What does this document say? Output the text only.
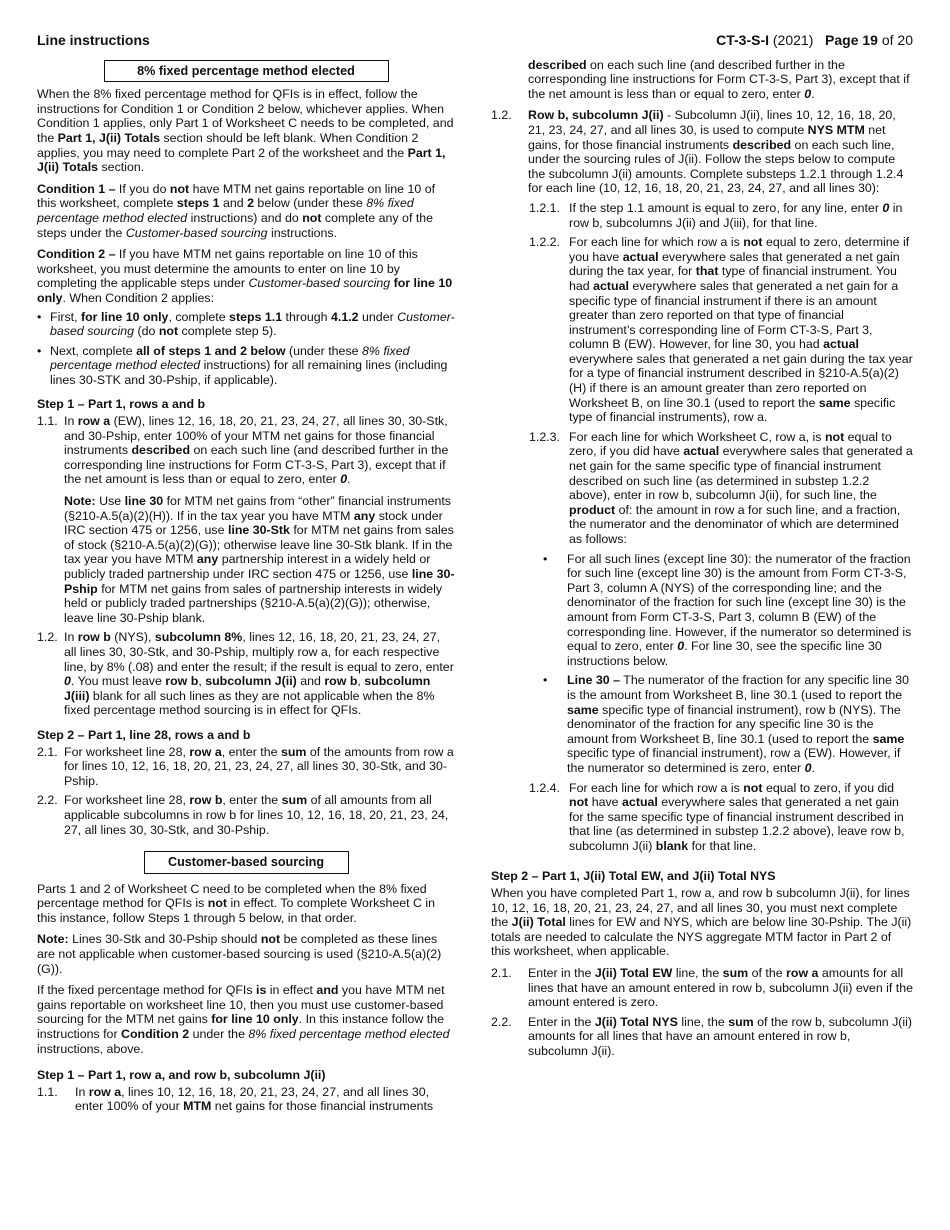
Line instructions	CT-3-S-I (2021) Page 19 of 20
8% fixed percentage method elected

When the 8% fixed percentage method for QFIs is in effect, follow the instructions for Condition 1 or Condition 2 below, whichever applies. When Condition 1 applies, only Part 1 of Worksheet C needs to be completed, and the Part 1, J(ii) Totals section should be left blank. When Condition 2 applies, you may need to complete Part 2 of the worksheet and the Part 1, J(ii) Totals section.

Condition 1 – If you do not have MTM net gains reportable on line 10 of this worksheet, complete steps 1 and 2 below (under these 8% fixed percentage method elected instructions) and do not complete any of the steps under the Customer-based sourcing instructions.

Condition 2 – If you have MTM net gains reportable on line 10 of this worksheet, you must determine the amounts to enter on line 10 by completing the applicable steps under Customer-based sourcing for line 10 only. When Condition 2 applies:

• First, for line 10 only, complete steps 1.1 through 4.1.2 under Customer-based sourcing (do not complete step 5).
• Next, complete all of steps 1 and 2 below (under these 8% fixed percentage method elected instructions) for all remaining lines (including lines 30-STK and 30-Pship, if applicable).
Step 1 – Part 1, rows a and b
1.1. In row a (EW), lines 12, 16, 18, 20, 21, 23, 24, 27, all lines 30, 30-Stk, and 30-Pship, enter 100% of your MTM net gains for those financial instruments described on each such line (and described further in the corresponding line instructions for Form CT-3-S, Part 3), except that if the net amount is less than or equal to zero, enter 0.
Note: Use line 30 for MTM net gains from “other” financial instruments (§210-A.5(a)(2)(H)). If in the tax year you have MTM any stock under IRC section 475 or 1256, use line 30-Stk for MTM net gains from sales of stock (§210-A.5(a)(2)(G)); otherwise leave line 30-Stk blank. If in the tax year you have MTM any partnership interest in a widely held or publicly traded partnership under IRC section 475 or 1256, use line 30-Pship for MTM net gains from sales of partnership interests in widely held or publicly traded partnerships (§210-A.5(a)(2)(G)); otherwise, leave line 30-Pship blank.
1.2. In row b (NYS), subcolumn 8%, lines 12, 16, 18, 20, 21, 23, 24, 27, all lines 30, 30-Stk, and 30-Pship, multiply row a, for each respective line, by 8% (.08) and enter the result; if the result is equal to zero, enter 0. You must leave row b, subcolumn J(ii) and row b, subcolumn J(iii) blank for all such lines as they are not applicable when the 8% fixed percentage method sourcing is in effect for QFIs.
Step 2 – Part 1, line 28, rows a and b
2.1. For worksheet line 28, row a, enter the sum of the amounts from row a for lines 10, 12, 16, 18, 20, 21, 23, 24, 27, all lines 30, 30-Stk, and 30-Pship.
2.2. For worksheet line 28, row b, enter the sum of all amounts from all applicable subcolumns in row b for lines 10, 12, 16, 18, 20, 21, 23, 24, 27, all lines 30, 30-Stk, and 30-Pship.
Customer-based sourcing

Parts 1 and 2 of Worksheet C need to be completed when the 8% fixed percentage method for QFIs is not in effect. To complete Worksheet C in this instance, follow Steps 1 through 5 below, in that order.

Note: Lines 30-Stk and 30-Pship should not be completed as these lines are not applicable when customer-based sourcing is used (§210-A.5(a)(2)(G)).

If the fixed percentage method for QFIs is in effect and you have MTM net gains reportable on worksheet line 10, then you must use customer-based sourcing for the MTM net gains for line 10 only. In this instance follow the instructions for Condition 2 under the 8% fixed percentage method elected instructions, above.

Step 1 – Part 1, row a, and row b, subcolumn J(ii)
1.1.	In row a, lines 10, 12, 16, 18, 20, 21, 23, 24, 27, and all lines 30, enter 100% of your MTM net gains for those financial instruments

described on each such line (and described further in the corresponding line instructions for Form CT-3-S, Part 3), except that if the net amount is less than or equal to zero, enter 0.

1.2.	Row b, subcolumn J(ii) - Subcolumn J(ii), lines 10, 12, 16, 18, 20, 21, 23, 24, 27, and all lines 30, is used to compute NYS MTM net gains, for those financial instruments described on each such line, under the sourcing rules of J(ii). Follow the steps below to compute the subcolumn J(ii) amounts. Complete substeps 1.2.1 through 1.2.4 for each line (10, 12, 16, 18, 20, 21, 23, 24, 27, and all lines 30):
1.2.1. If the step 1.1 amount is equal to zero, for any line, enter 0 in row b, subcolumns J(ii) and J(iii), for that line.
1.2.2. For each line for which row a is not equal to zero, determine if you have actual everywhere sales that generated a net gain during the tax year, for that type of financial instrument. You had actual everywhere sales that generated a net gain for a specific type of financial instrument if there is an amount greater than zero reported on that type of financial instrument’s corresponding line of Form CT-3-S, Part 3, column B (EW). However, for line 30, you had actual everywhere sales that generated a net gain during the tax year for a type of financial instrument described in §210-A.5(a)(2)(H) if there is an amount greater than zero reported on Worksheet B, on line 30.1 (used to report the same specific type of financial instruments), row a.
1.2.3. For each line for which Worksheet C, row a, is not equal to zero, if you did have actual everywhere sales that generated a net gain for the same specific type of financial instrument described on such line (as determined in substep 1.2.2 above), enter in row b, subcolumn J(ii), for such line, the product of: the amount in row a for such line, and a fraction, the numerator and the denominator of which are determined as follows:
•	For all such lines (except line 30): the numerator of the fraction for such line (except line 30) is the amount from Form CT-3-S, Part 3, column A (NYS) of the corresponding line; and the denominator of the fraction for such line (except line 30) is the amount from Form CT-3-S, Part 3, column B (EW) of the corresponding line. However, if the numerator so determined is equal to zero, enter 0. For line 30, see the specific line 30 instructions below.
•	Line 30 – The numerator of the fraction for any specific line 30 is the amount from Worksheet B, line 30.1 (used to report the same specific type of financial instrument), row b (NYS). The denominator of the fraction for any specific line 30 is the amount from Worksheet B, line 30.1 (used to report the same specific type of financial instrument), row a (EW). However, if the numerator so determined is zero, enter 0.
1.2.4. For each line for which row a is not equal to zero, if you did not have actual everywhere sales that generated a net gain for the same specific type of financial instrument described in that line (as determined in substep 1.2.2 above), leave row b, subcolumn J(ii) blank for that line.
Step 2 – Part 1, J(ii) Total EW, and J(ii) Total NYS

When you have completed Part 1, row a, and row b subcolumn J(ii), for lines 10, 12, 16, 18, 20, 21, 23, 24, 27, and all lines 30, you must next complete the J(ii) Total lines for EW and NYS, which are below line 30-Pship. The J(ii) totals are needed to calculate the NYS aggregate MTM factor in Part 2 of this worksheet, when applicable.

2.1.	Enter in the J(ii) Total EW line, the sum of the row a amounts for all lines that have an amount entered in row b, subcolumn J(ii) even if the amount entered is zero.
2.2.	Enter in the J(ii) Total NYS line, the sum of the row b, subcolumn J(ii) amounts for all lines that have an amount entered in row b, subcolumn J(ii).
